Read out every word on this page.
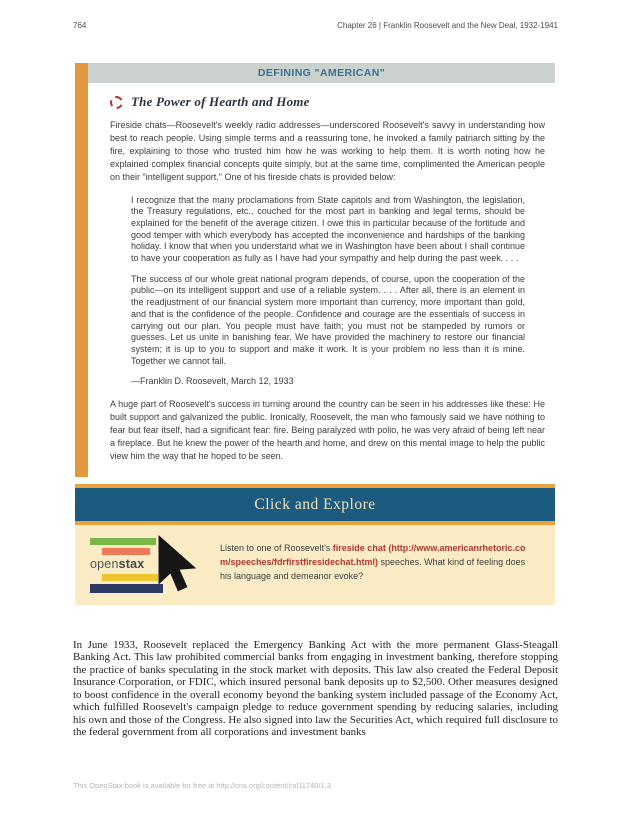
764	Chapter 26 | Franklin Roosevelt and the New Deal, 1932-1941
DEFINING "AMERICAN"
The Power of Hearth and Home

Fireside chats—Roosevelt's weekly radio addresses—underscored Roosevelt's savvy in understanding how best to reach people. Using simple terms and a reassuring tone, he invoked a family patriarch sitting by the fire, explaining to those who trusted him how he was working to help them. It is worth noting how he explained complex financial concepts quite simply, but at the same time, complimented the American people on their "intelligent support." One of his fireside chats is provided below:

I recognize that the many proclamations from State capitols and from Washington, the legislation, the Treasury regulations, etc., couched for the most part in banking and legal terms, should be explained for the benefit of the average citizen. I owe this in particular because of the fortitude and good temper with which everybody has accepted the inconvenience and hardships of the banking holiday. I know that when you understand what we in Washington have been about I shall continue to have your cooperation as fully as I have had your sympathy and help during the past week. . . .

The success of our whole great national program depends, of course, upon the cooperation of the public—on its intelligent support and use of a reliable system. . . . After all, there is an element in the readjustment of our financial system more important than currency, more important than gold, and that is the confidence of the people. Confidence and courage are the essentials of success in carrying out our plan. You people must have faith; you must not be stampeded by rumors or guesses. Let us unite in banishing fear. We have provided the machinery to restore our financial system; it is up to you to support and make it work. It is your problem no less than it is mine. Together we cannot fail.

—Franklin D. Roosevelt, March 12, 1933

A huge part of Roosevelt's success in turning around the country can be seen in his addresses like these: He built support and galvanized the public. Ironically, Roosevelt, the man who famously said we have nothing to fear but fear itself, had a significant fear: fire. Being paralyzed with polio, he was very afraid of being left near a fireplace. But he knew the power of the hearth and home, and drew on this mental image to help the public view him the way that he hoped to be seen.

Click and Explore
openstax

Listen to one of Roosevelt's fireside chat (http://www.americanrhetoric.com/speeches/fdrfirstfiresidechat.html) speeches. What kind of feeling does his language and demeanor evoke?

In June 1933, Roosevelt replaced the Emergency Banking Act with the more permanent Glass-Steagall Banking Act. This law prohibited commercial banks from engaging in investment banking, therefore stopping the practice of banks speculating in the stock market with deposits. This law also created the Federal Deposit Insurance Corporation, or FDIC, which insured personal bank deposits up to $2,500. Other measures designed to boost confidence in the overall economy beyond the banking system included passage of the Economy Act, which fulfilled Roosevelt's campaign pledge to reduce government spending by reducing salaries, including his own and those of the Congress. He also signed into law the Securities Act, which required full disclosure to the federal government from all corporations and investment banks

This OpenStax book is available for free at http://cnx.org/content/col11740/1.3
